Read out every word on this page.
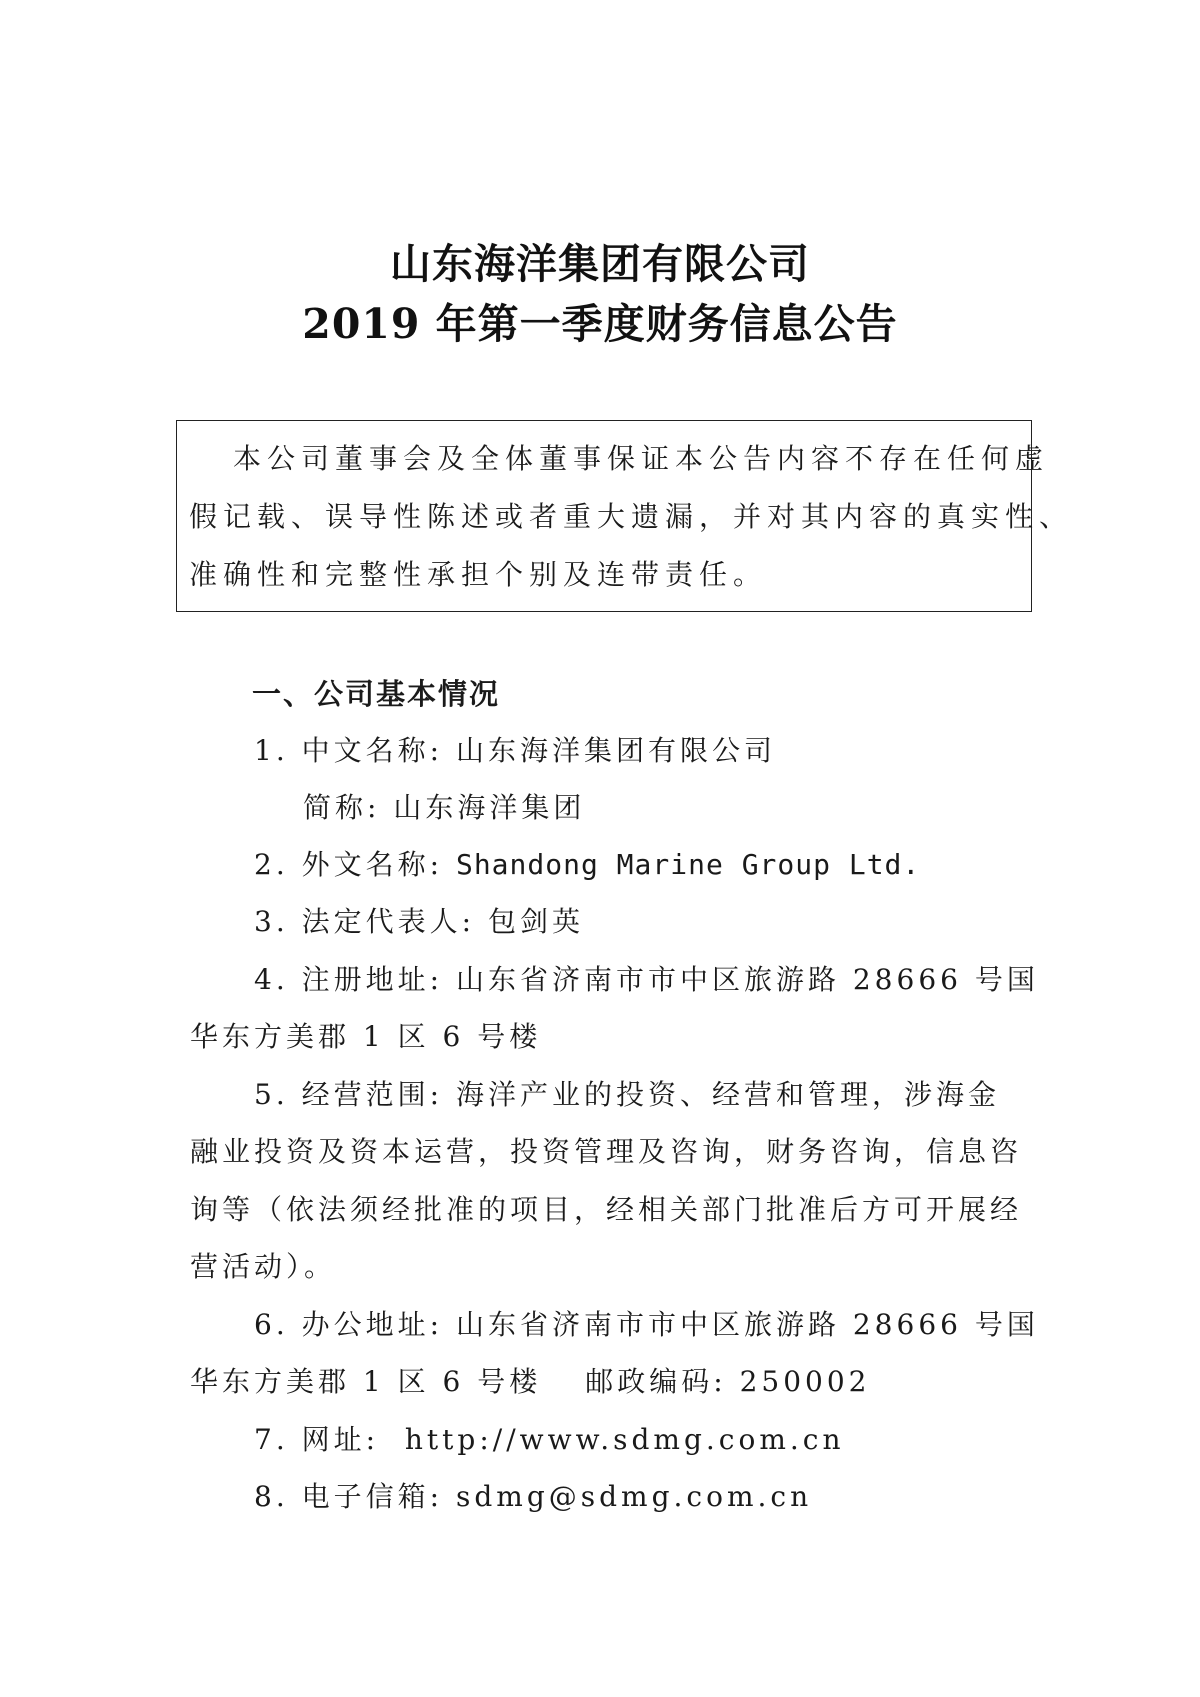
山东海洋集团有限公司
2019 年第一季度财务信息公告
本公司董事会及全体董事保证本公告内容不存在任何虚
假记载、误导性陈述或者重大遗漏，并对其内容的真实性、
准确性和完整性承担个别及连带责任。
一、公司基本情况
1. 中文名称: 山东海洋集团有限公司
简称: 山东海洋集团
2. 外文名称: Shandong Marine Group Ltd.
3. 法定代表人: 包剑英
4. 注册地址: 山东省济南市市中区旅游路 28666 号国
华东方美郡 1 区 6 号楼
5. 经营范围: 海洋产业的投资、经营和管理，涉海金
融业投资及资本运营，投资管理及咨询，财务咨询，信息咨
询等（依法须经批准的项目，经相关部门批准后方可开展经
营活动）。
6. 办公地址: 山东省济南市市中区旅游路 28666 号国
华东方美郡 1 区 6 号楼 邮政编码: 250002
7. 网址: http://www.sdmg.com.cn
8. 电子信箱: sdmg@sdmg.com.cn
